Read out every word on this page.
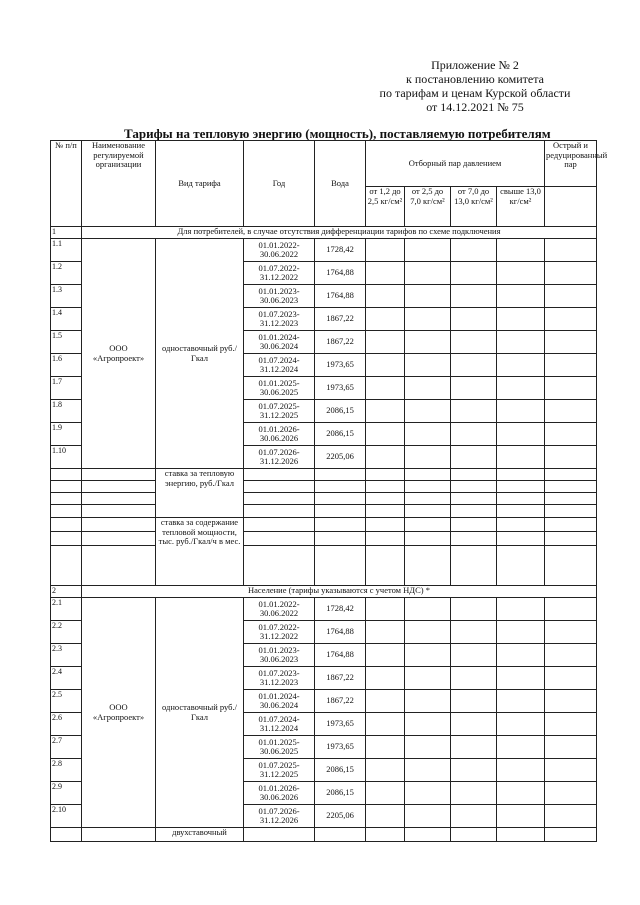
Приложение № 2
к постановлению комитета
по тарифам и ценам Курской области
от 14.12.2021 № 75
Тарифы на тепловую энергию (мощность), поставляемую потребителям
№ п/п	Наименование регулируемой организации	Вид тарифа	Год	Вода	Отборный пар давлением				Острый и редуцированный пар
					от 1,2 до 2,5 кг/см²	от 2,5 до 7,0 кг/см²	от 7,0 до 13,0 кг/см²	свыше 13,0 кг/см²	
1	Для потребителей, в случае отсутствия дифференциации тарифов по схеме подключения								
1.1	ООО «Агропроект»	одноставочный руб./Гкал	01.01.2022-
30.06.2022	1728,42					
1.2			01.07.2022-
31.12.2022	1764,88					
1.3			01.01.2023-
30.06.2023	1764,88					
1.4			01.07.2023-
31.12.2023	1867,22					
1.5			01.01.2024-
30.06.2024	1867,22					
1.6			01.07.2024-
31.12.2024	1973,65					
1.7			01.01.2025-
30.06.2025	1973,65					
1.8			01.07.2025-
31.12.2025	2086,15					
1.9			01.01.2026-
30.06.2026	2086,15					
1.10			01.07.2026-
31.12.2026	2205,06					
		ставка за тепловую энергию, руб./Гкал							

		ставка за содержание тепловой мощности, тыс. руб./Гкал/ч в мес.							

2	Население (тарифы указываются с учетом НДС) *								
2.1	ООО «Агропроект»	одноставочный руб./Гкал	01.01.2022-
30.06.2022	1728,42					
2.2			01.07.2022-
31.12.2022	1764,88					
2.3			01.01.2023-
30.06.2023	1764,88					
2.4			01.07.2023-
31.12.2023	1867,22					
2.5			01.01.2024-
30.06.2024	1867,22					
2.6			01.07.2024-
31.12.2024	1973,65					
2.7			01.01.2025-
30.06.2025	1973,65					
2.8			01.07.2025-
31.12.2025	2086,15					
2.9			01.01.2026-
30.06.2026	2086,15					
2.10			01.07.2026-
31.12.2026	2205,06					
		двухставочный							
